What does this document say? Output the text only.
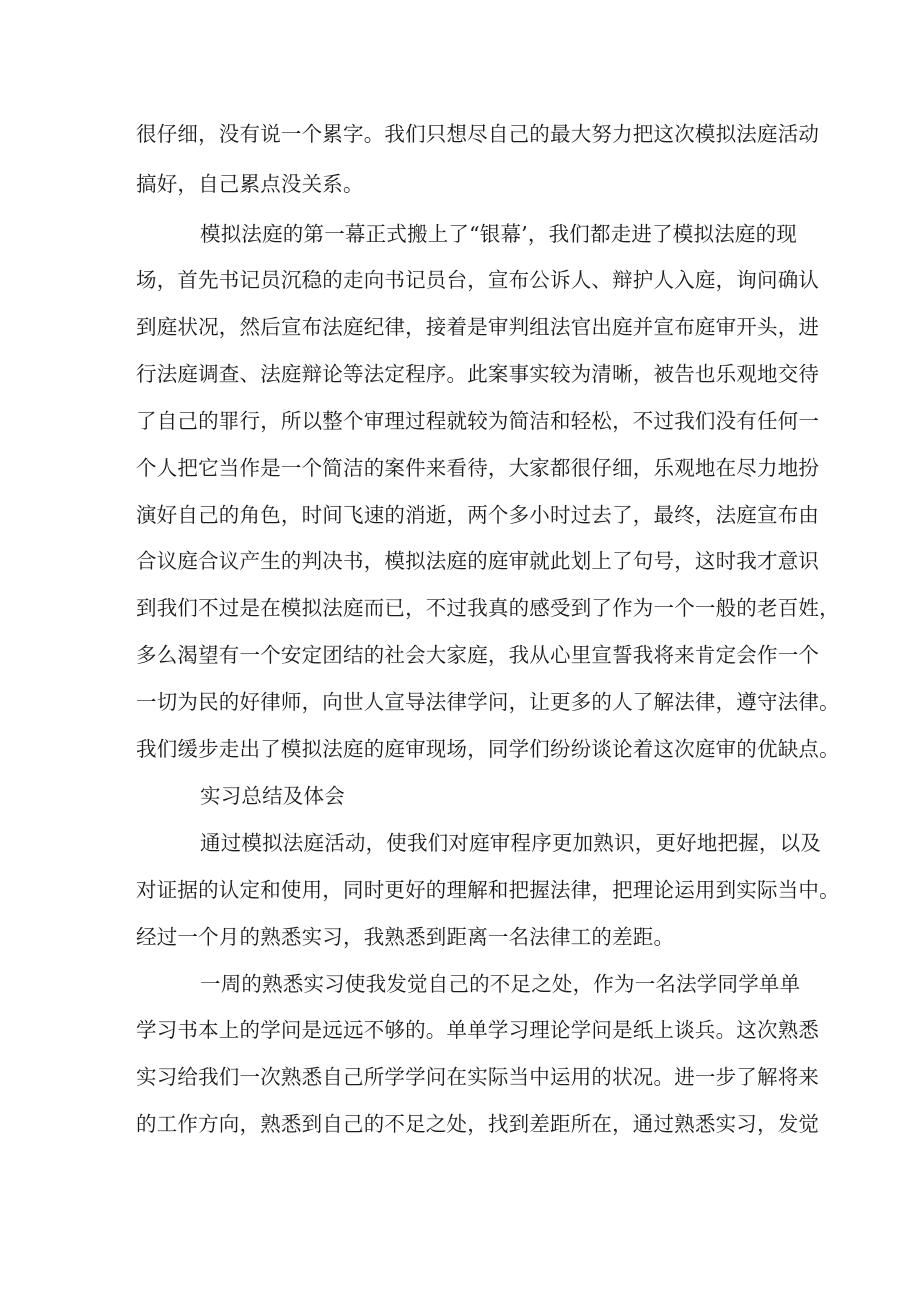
很仔细，没有说一个累字。我们只想尽自己的最大努力把这次模拟法庭活动
搞好，自己累点没关系。
模拟法庭的第一幕正式搬上了“银幕’，我们都走进了模拟法庭的现
场，首先书记员沉稳的走向书记员台，宣布公诉人、辩护人入庭，询问确认
到庭状况，然后宣布法庭纪律，接着是审判组法官出庭并宣布庭审开头，进
行法庭调查、法庭辩论等法定程序。此案事实较为清晰，被告也乐观地交待
了自己的罪行，所以整个审理过程就较为简洁和轻松，不过我们没有任何一
个人把它当作是一个简洁的案件来看待，大家都很仔细，乐观地在尽力地扮
演好自己的角色，时间飞速的消逝，两个多小时过去了，最终，法庭宣布由
合议庭合议产生的判决书，模拟法庭的庭审就此划上了句号，这时我才意识
到我们不过是在模拟法庭而已，不过我真的感受到了作为一个一般的老百姓，
多么渴望有一个安定团结的社会大家庭，我从心里宣誓我将来肯定会作一个
一切为民的好律师，向世人宣导法律学问，让更多的人了解法律，遵守法律。
我们缓步走出了模拟法庭的庭审现场，同学们纷纷谈论着这次庭审的优缺点。
实习总结及体会
通过模拟法庭活动，使我们对庭审程序更加熟识，更好地把握，以及
对证据的认定和使用，同时更好的理解和把握法律，把理论运用到实际当中。
经过一个月的熟悉实习，我熟悉到距离一名法律工的差距。
一周的熟悉实习使我发觉自己的不足之处，作为一名法学同学单单
学习书本上的学问是远远不够的。单单学习理论学问是纸上谈兵。这次熟悉
实习给我们一次熟悉自己所学学问在实际当中运用的状况。进一步了解将来
的工作方向，熟悉到自己的不足之处，找到差距所在，通过熟悉实习，发觉
